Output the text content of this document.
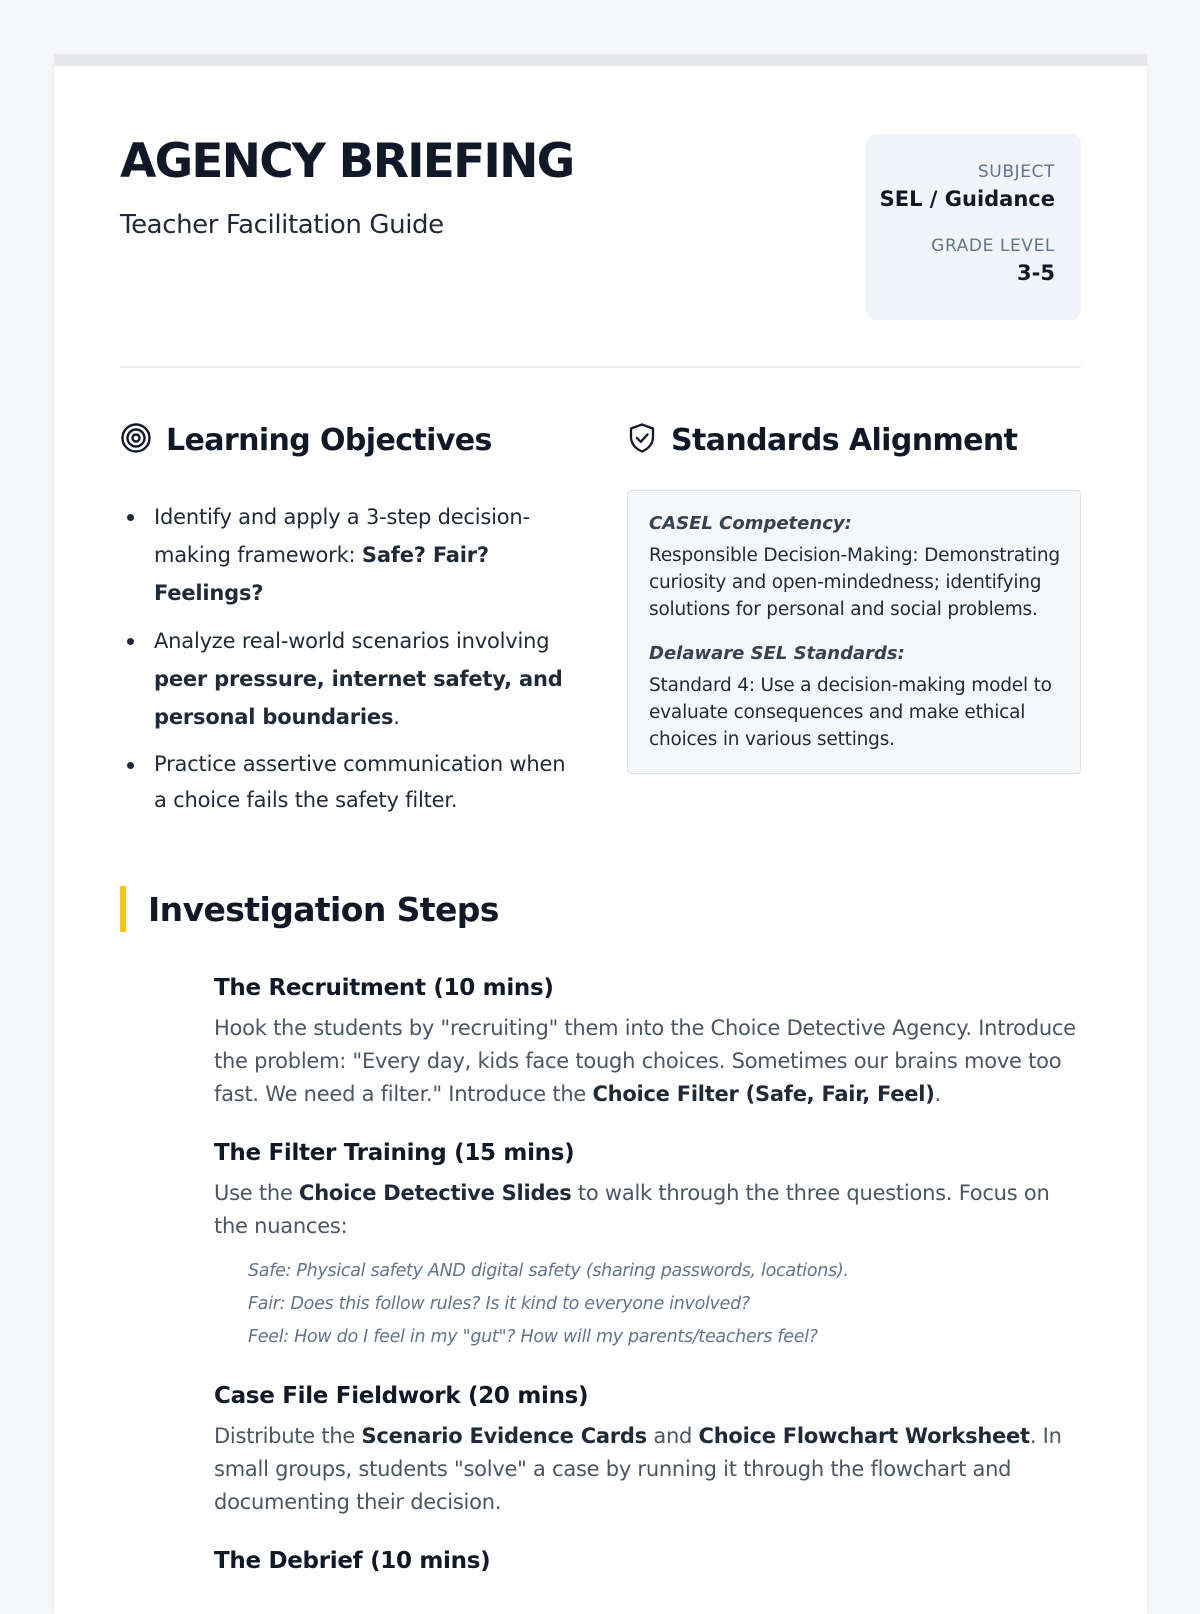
AGENCY BRIEFING

Teacher Facilitation Guide

SUBJECT
SEL / Guidance
GRADE LEVEL
3-5
Learning Objectives
Identify and apply a 3-step decision-making framework: Safe? Fair? Feelings?
Analyze real-world scenarios involving peer pressure, internet safety, and personal boundaries.
Practice assertive communication when a choice fails the safety filter.
Standards Alignment
CASEL Competency:
Responsible Decision-Making: Demonstrating curiosity and open-mindedness; identifying solutions for personal and social problems.
Delaware SEL Standards:
Standard 4: Use a decision-making model to evaluate consequences and make ethical choices in various settings.
Investigation Steps
The Recruitment (10 mins)
Hook the students by "recruiting" them into the Choice Detective Agency. Introduce the problem: "Every day, kids face tough choices. Sometimes our brains move too fast. We need a filter." Introduce the Choice Filter (Safe, Fair, Feel).
The Filter Training (15 mins)
Use the Choice Detective Slides to walk through the three questions. Focus on the nuances:
Safe: Physical safety AND digital safety (sharing passwords, locations).
Fair: Does this follow rules? Is it kind to everyone involved?
Feel: How do I feel in my "gut"? How will my parents/teachers feel?
Case File Fieldwork (20 mins)
Distribute the Scenario Evidence Cards and Choice Flowchart Worksheet. In small groups, students "solve" a case by running it through the flowchart and documenting their decision.
The Debrief (10 mins)
